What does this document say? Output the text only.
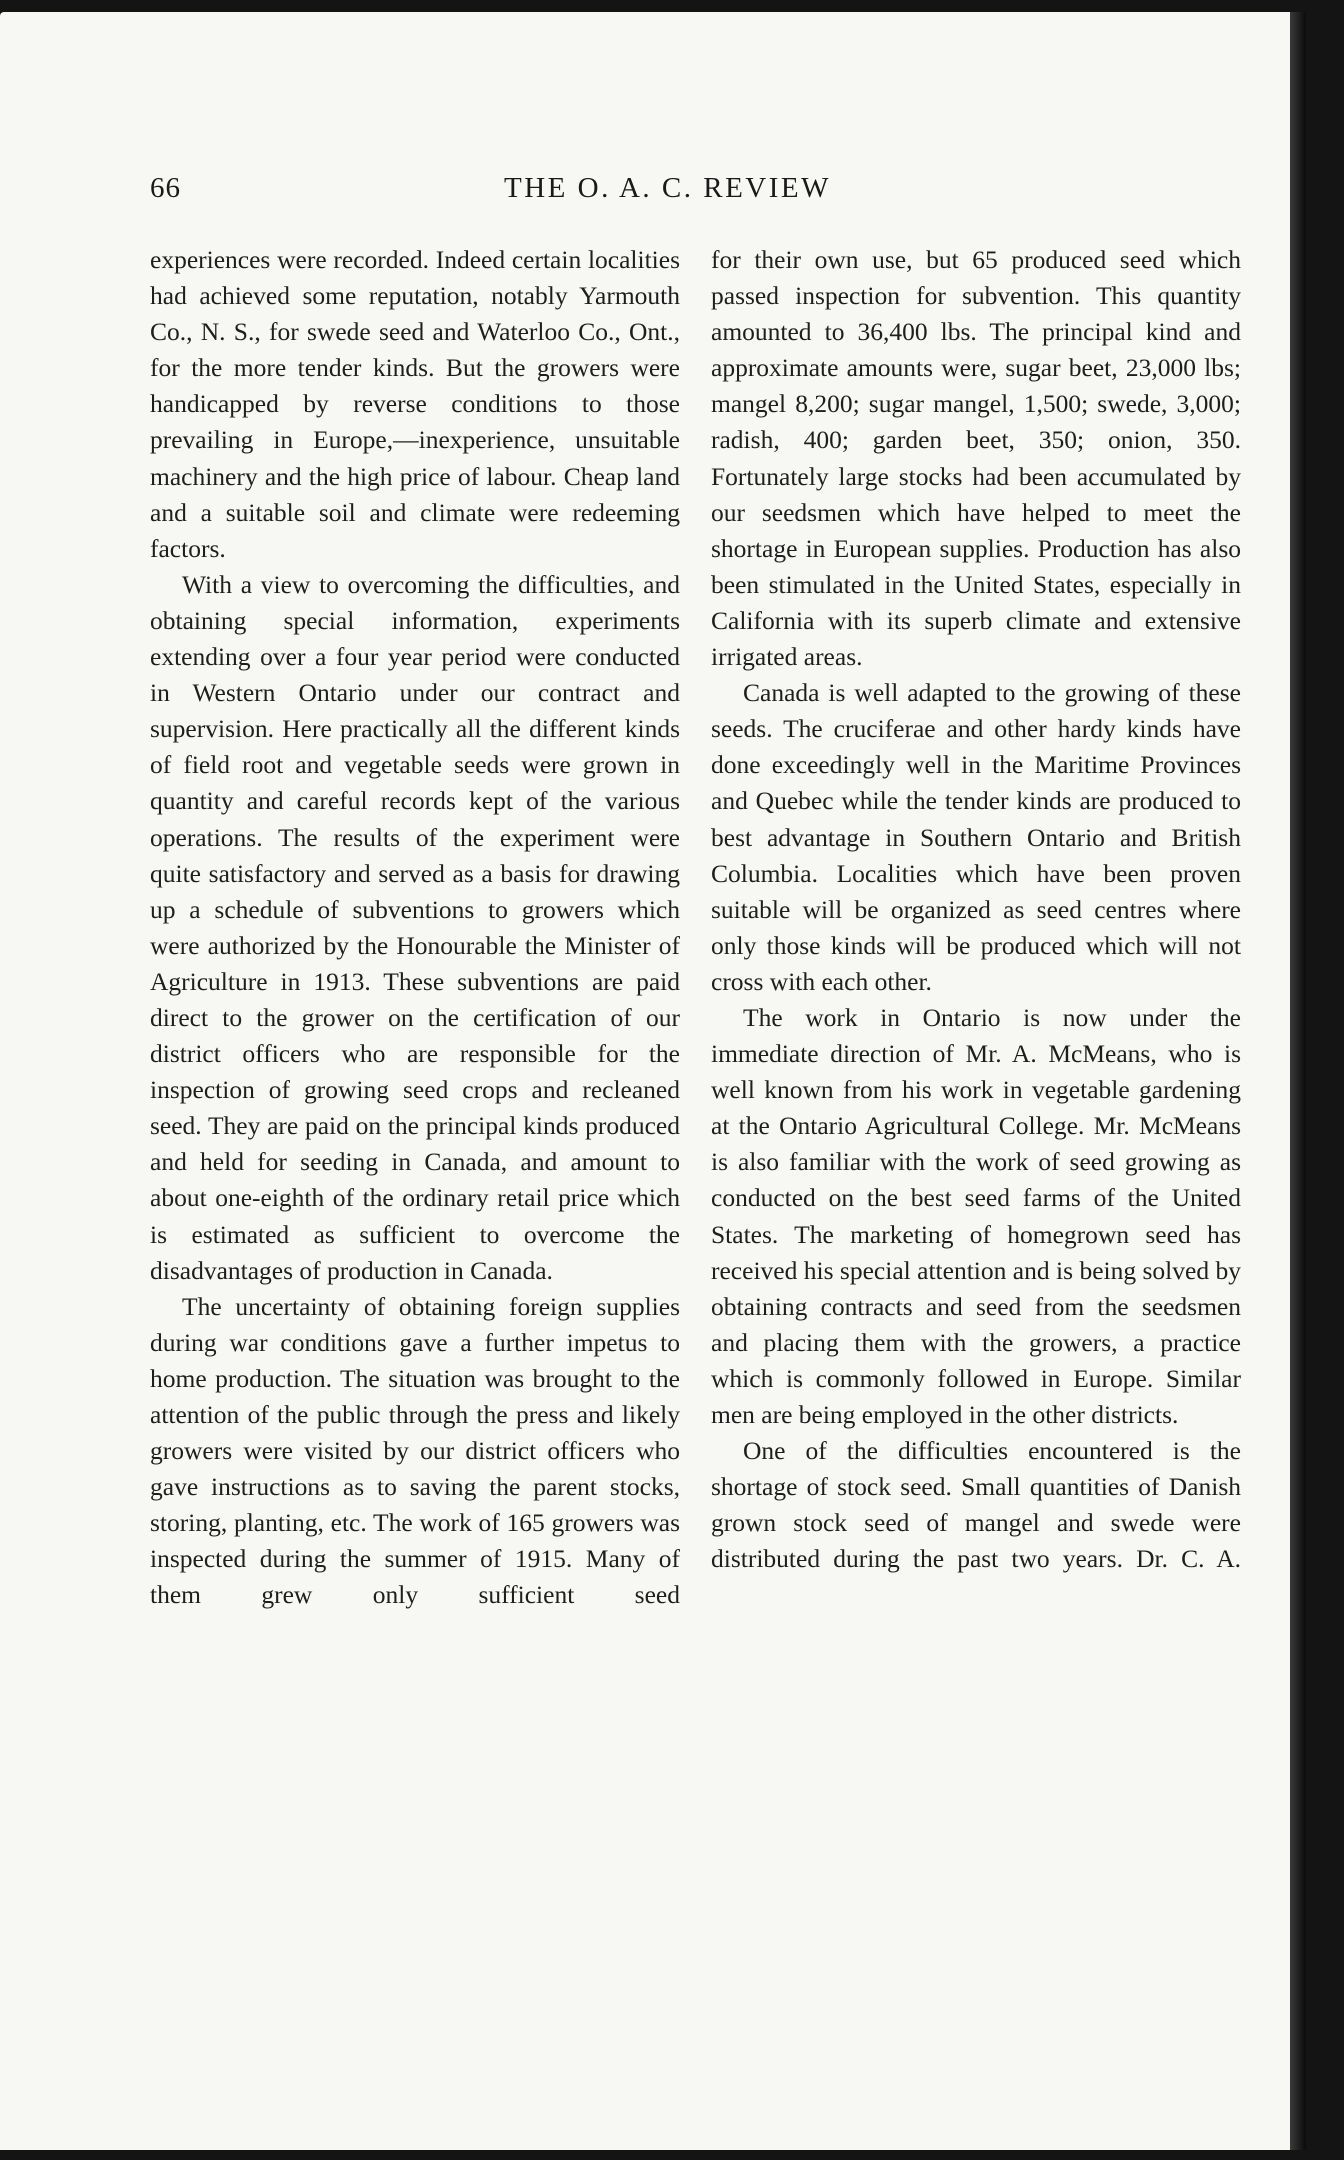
66	THE O. A. C. REVIEW

experiences were recorded. Indeed certain localities had achieved some reputation, notably Yarmouth Co., N. S., for swede seed and Waterloo Co., Ont., for the more tender kinds. But the growers were handicapped by reverse conditions to those prevailing in Europe,—inexperience, unsuitable machinery and the high price of labour. Cheap land and a suitable soil and climate were redeeming factors.

With a view to overcoming the difficulties, and obtaining special information, experiments extending over a four year period were conducted in Western Ontario under our contract and supervision. Here practically all the different kinds of field root and vegetable seeds were grown in quantity and careful records kept of the various operations. The results of the experiment were quite satisfactory and served as a basis for drawing up a schedule of subventions to growers which were authorized by the Honourable the Minister of Agriculture in 1913. These subventions are paid direct to the grower on the certification of our district officers who are responsible for the inspection of growing seed crops and recleaned seed. They are paid on the principal kinds produced and held for seeding in Canada, and amount to about one-eighth of the ordinary retail price which is estimated as sufficient to overcome the disadvantages of production in Canada.

The uncertainty of obtaining foreign supplies during war conditions gave a further impetus to home production. The situation was brought to the attention of the public through the press and likely growers were visited by our district officers who gave instructions as to saving the parent stocks, storing, planting, etc. The work of 165 growers was inspected during the summer of 1915. Many of them grew only sufficient seed

for their own use, but 65 produced seed which passed inspection for subvention. This quantity amounted to 36,400 lbs. The principal kind and approximate amounts were, sugar beet, 23,000 lbs; mangel 8,200; sugar mangel, 1,500; swede, 3,000; radish, 400; garden beet, 350; onion, 350. Fortunately large stocks had been accumulated by our seedsmen which have helped to meet the shortage in European supplies. Production has also been stimulated in the United States, especially in California with its superb climate and extensive irrigated areas.

Canada is well adapted to the growing of these seeds. The cruciferae and other hardy kinds have done exceedingly well in the Maritime Provinces and Quebec while the tender kinds are produced to best advantage in Southern Ontario and British Columbia. Localities which have been proven suitable will be organized as seed centres where only those kinds will be produced which will not cross with each other.

The work in Ontario is now under the immediate direction of Mr. A. McMeans, who is well known from his work in vegetable gardening at the Ontario Agricultural College. Mr. McMeans is also familiar with the work of seed growing as conducted on the best seed farms of the United States. The marketing of homegrown seed has received his special attention and is being solved by obtaining contracts and seed from the seedsmen and placing them with the growers, a practice which is commonly followed in Europe. Similar men are being employed in the other districts.

One of the difficulties encountered is the shortage of stock seed. Small quantities of Danish grown stock seed of mangel and swede were distributed during the past two years. Dr. C. A.
